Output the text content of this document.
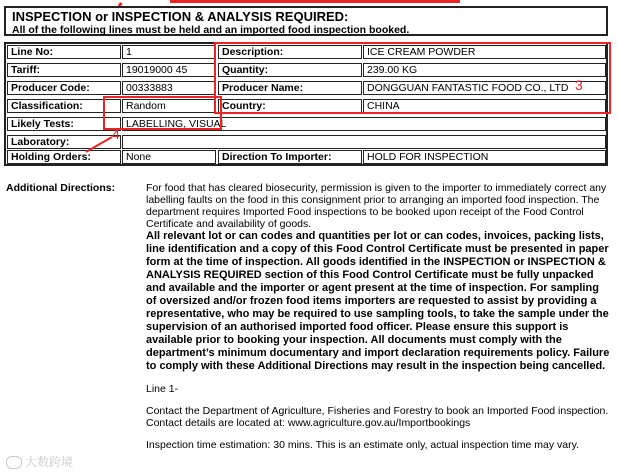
INSPECTION or INSPECTION & ANALYSIS REQUIRED:
All of the following lines must be held and an imported food inspection booked.
Line No:	1	Description:	ICE CREAM POWDER
Tariff:	19019000 45	Quantity:	239.00 KG
Producer Code:	00333883	Producer Name:	DONGGUAN FANTASTIC FOOD CO., LTD
Classification:	Random	Country:	CHINA
Likely Tests:	LABELLING, VISUAL
Laboratory:
Holding Orders:	None	Direction To Importer:	HOLD FOR INSPECTION
3
4
Additional Directions:	For food that has cleared biosecurity, permission is given to the importer to immediately correct any labelling faults on the food in this consignment prior to arranging an imported food inspection. The department requires Imported Food inspections to be booked upon receipt of the Food Control Certificate and availability of goods.

All relevant lot or can codes and quantities per lot or can codes, invoices, packing lists, line identification and a copy of this Food Control Certificate must be presented in paper form at the time of inspection. All goods identified in the INSPECTION or INSPECTION & ANALYSIS REQUIRED section of this Food Control Certificate must be fully unpacked and available and the importer or agent present at the time of inspection. For sampling of oversized and/or frozen food items importers are requested to assist by providing a representative, who may be required to use sampling tools, to take the sample under the supervision of an authorised imported food officer. Please ensure this support is available prior to booking your inspection. All documents must comply with the department’s minimum documentary and import declaration requirements policy. Failure to comply with these Additional Directions may result in the inspection being cancelled.

Line 1-

Contact the Department of Agriculture, Fisheries and Forestry to book an Imported Food inspection.

Contact details are located at: www.agriculture.gov.au/Importbookings

Inspection time estimation: 30 mins. This is an estimate only, actual inspection time may vary.

大数跨境
